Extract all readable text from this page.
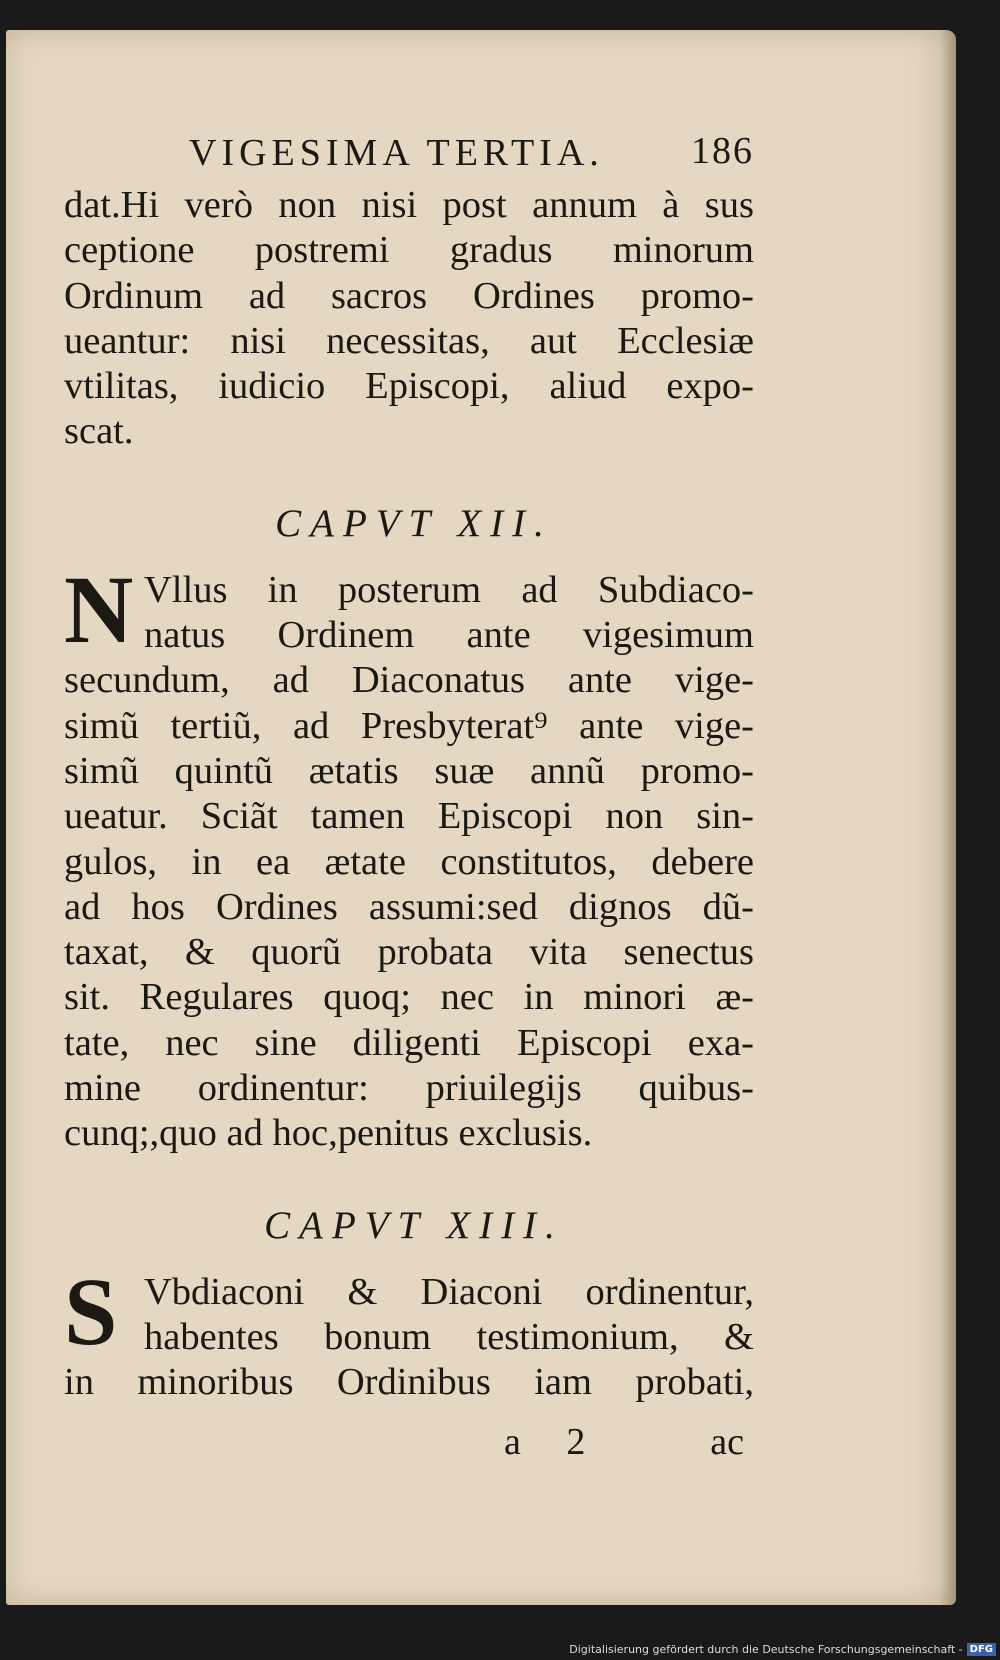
VIGESIMA TERTIA. 186
dat.Hi verò non nisi post annum à sus
ceptione postremi gradus minorum
Ordinum ad sacros Ordines promo-
ueantur: nisi necessitas, aut Ecclesiæ
vtilitas, iudicio Episcopi, aliud expo-
scat.
CAPVT XII.
N Vllus in posterum ad Subdiaco-
natus Ordinem ante vigesimum
secundum, ad Diaconatus ante vige-
simũ tertiũ, ad Presbyterat⁹ ante vige-
simũ quintũ ætatis suæ annũ promo-
ueatur. Sciãt tamen Episcopi non sin-
gulos, in ea ætate constitutos, debere
ad hos Ordines assumi:sed dignos dũ-
taxat, & quorũ probata vita senectus
sit. Regulares quoq; nec in minori æ-
tate, nec sine diligenti Episcopi exa-
mine ordinentur: priuilegijs quibus-
cunq;,quo ad hoc,penitus exclusis.
CAPVT XIII.
S Vbdiaconi & Diaconi ordinentur,
habentes bonum testimonium, &
in minoribus Ordinibus iam probati,
a 2	ac
Digitalisierung gefördert durch die Deutsche Forschungsgemeinschaft - DFG
